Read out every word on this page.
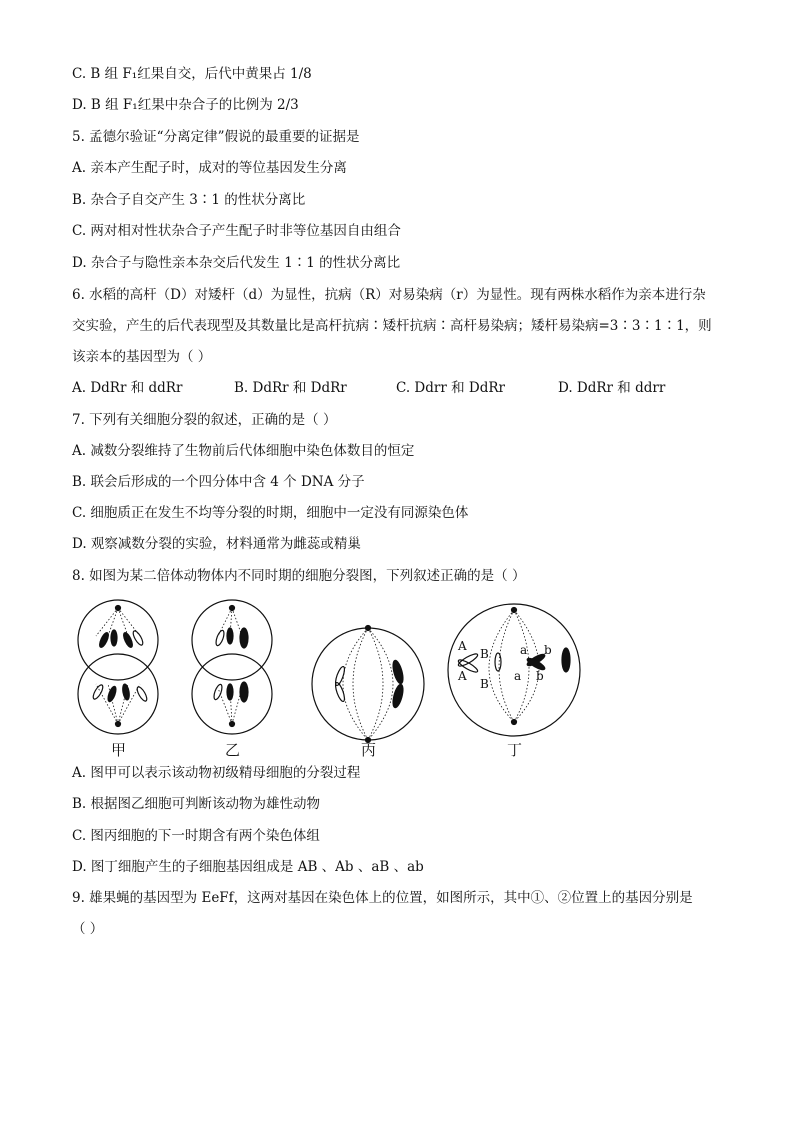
C. B 组 F₁红果自交，后代中黄果占 1/8
D. B 组 F₁红果中杂合子的比例为 2/3
5. 孟德尔验证“分离定律”假说的最重要的证据是
A. 亲本产生配子时，成对的等位基因发生分离
B. 杂合子自交产生 3∶1 的性状分离比
C. 两对相对性状杂合子产生配子时非等位基因自由组合
D. 杂合子与隐性亲本杂交后代发生 1∶1 的性状分离比
6. 水稻的高杆（D）对矮杆（d）为显性，抗病（R）对易染病（r）为显性。现有两株水稻作为亲本进行杂
交实验，产生的后代表现型及其数量比是高杆抗病∶矮杆抗病∶高杆易染病；矮杆易染病=3∶3∶1∶1，则
该亲本的基因型为（ ）
A. DdRr 和 ddRr	B. DdRr 和 DdRr	C. Ddrr 和 DdRr	D. DdRr 和 ddrr
7. 下列有关细胞分裂的叙述，正确的是（ ）
A. 减数分裂维持了生物前后代体细胞中染色体数目的恒定
B. 联会后形成的一个四分体中含 4 个 DNA 分子
C. 细胞质正在发生不均等分裂的时期，细胞中一定没有同源染色体
D. 观察减数分裂的实验，材料通常为雌蕊或精巢
8. 如图为某二倍体动物体内不同时期的细胞分裂图，下列叙述正确的是（ ）
A
B
A
B
a b
a b
甲	乙	丙	丁
A. 图甲可以表示该动物初级精母细胞的分裂过程
B. 根据图乙细胞可判断该动物为雄性动物
C. 图丙细胞的下一时期含有两个染色体组
D. 图丁细胞产生的子细胞基因组成是 AB 、Ab 、aB 、ab
9. 雄果蝇的基因型为 EeFf，这两对基因在染色体上的位置，如图所示，其中①、②位置上的基因分别是
（ ）
